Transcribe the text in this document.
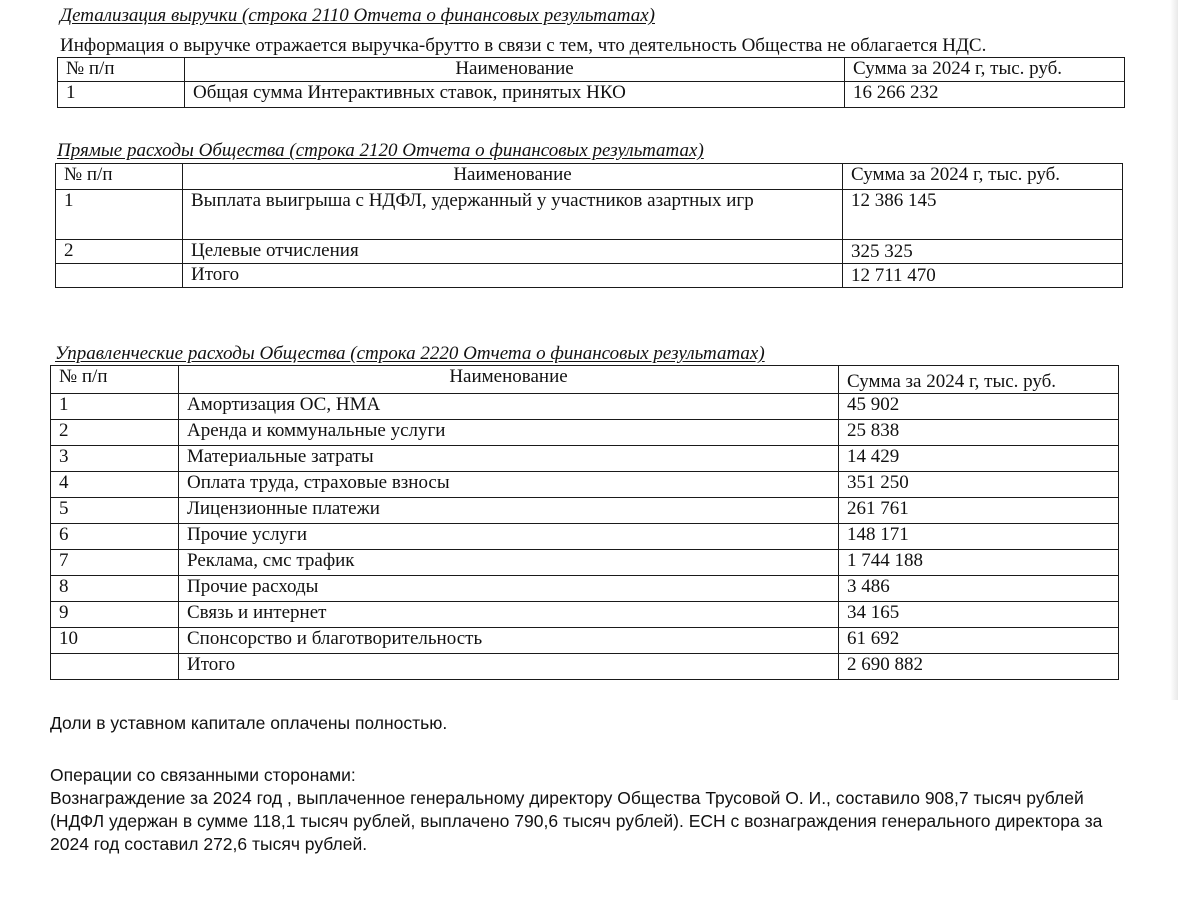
Детализация выручки (строка 2110 Отчета о финансовых результатах)
Информация о выручке отражается выручка-брутто в связи с тем, что деятельность Общества не облагается НДС.
№ п/п	Наименование	Сумма за 2024 г, тыс. руб.
1	Общая сумма Интерактивных ставок, принятых НКО	16 266 232
Прямые расходы Общества (строка 2120 Отчета о финансовых результатах)
№ п/п	Наименование	Сумма за 2024 г, тыс. руб.
1	Выплата выигрыша с НДФЛ, удержанный у участников азартных игр	12 386 145
2	Целевые отчисления	325 325
	Итого	12 711 470
Управленческие расходы Общества (строка 2220 Отчета о финансовых результатах)
№ п/п	Наименование	Сумма за 2024 г, тыс. руб.
1	Амортизация ОС, НМА	45 902
2	Аренда и коммунальные услуги	25 838
3	Материальные затраты	14 429
4	Оплата труда, страховые взносы	351 250
5	Лицензионные платежи	261 761
6	Прочие услуги	148 171
7	Реклама, смс трафик	1 744 188
8	Прочие расходы	3 486
9	Связь и интернет	34 165
10	Спонсорство и благотворительность	61 692
	Итого	2 690 882
Доли в уставном капитале оплачены полностью.
Операции со связанными сторонами:
Вознаграждение за 2024 год , выплаченное генеральному директору Общества Трусовой О. И., составило 908,7 тысяч рублей (НДФЛ удержан в сумме 118,1 тысяч рублей, выплачено 790,6 тысяч рублей). ЕСН с вознаграждения генерального директора за 2024 год составил 272,6 тысяч рублей.
